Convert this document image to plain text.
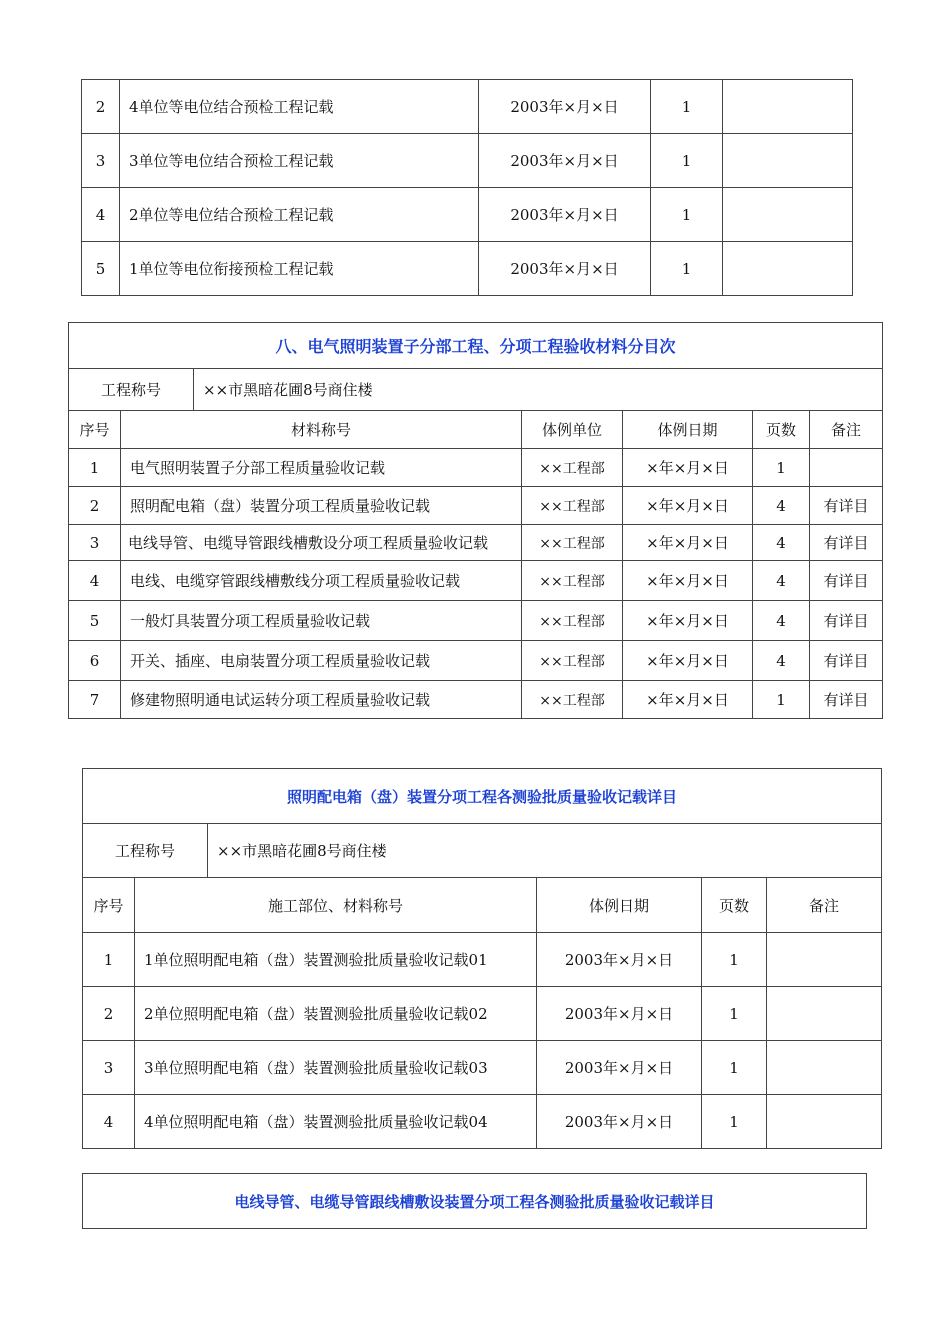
2	4单位等电位结合预检工程记载	2003年×月×日	1	
3	3单位等电位结合预检工程记载	2003年×月×日	1	
4	2单位等电位结合预检工程记载	2003年×月×日	1	
5	1单位等电位衔接预检工程记载	2003年×月×日	1	
八、电气照明装置子分部工程、分项工程验收材料分目次						
工程称号		××市黑暗花圃8号商住楼				
序号	材料称号		体例单位	体例日期	页数	备注
1	电气照明装置子分部工程质量验收记载		××工程部	×年×月×日	1	
2	照明配电箱（盘）装置分项工程质量验收记载		××工程部	×年×月×日	4	有详目
3	电线导管、电缆导管跟线槽敷设分项工程质量验收记载		××工程部	×年×月×日	4	有详目
4	电线、电缆穿管跟线槽敷线分项工程质量验收记载		××工程部	×年×月×日	4	有详目
5	一般灯具装置分项工程质量验收记载		××工程部	×年×月×日	4	有详目
6	开关、插座、电扇装置分项工程质量验收记载		××工程部	×年×月×日	4	有详目
7	修建物照明通电试运转分项工程质量验收记载		××工程部	×年×月×日	1	有详目
照明配电箱（盘）装置分项工程各测验批质量验收记载详目					
工程称号		××市黑暗花圃8号商住楼			
序号	施工部位、材料称号		体例日期	页数	备注
1	1单位照明配电箱（盘）装置测验批质量验收记载01		2003年×月×日	1	
2	2单位照明配电箱（盘）装置测验批质量验收记载02		2003年×月×日	1	
3	3单位照明配电箱（盘）装置测验批质量验收记载03		2003年×月×日	1	
4	4单位照明配电箱（盘）装置测验批质量验收记载04		2003年×月×日	1	
电线导管、电缆导管跟线槽敷设装置分项工程各测验批质量验收记载详目
